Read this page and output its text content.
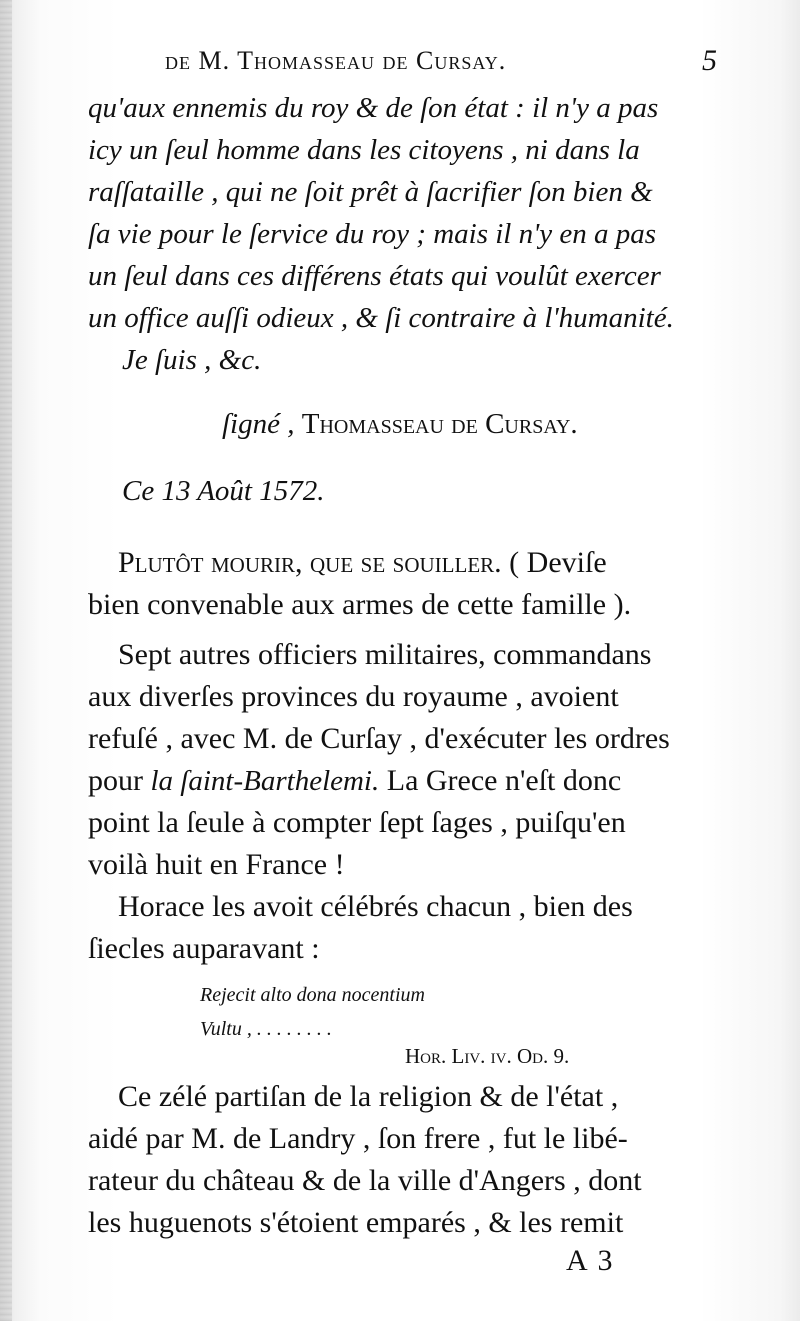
de M. Thomasseau de Cursay.	5
qu'aux ennemis du roy & de ſon état : il n'y a pas
icy un ſeul homme dans les citoyens , ni dans la
raſſataille , qui ne ſoit prêt à ſacrifier ſon bien &
ſa vie pour le ſervice du roy ; mais il n'y en a pas
un ſeul dans ces différens états qui voulût exercer
un office auſſi odieux , & ſi contraire à l'humanité.
Je ſuis , &c.
ſigné , Thomasseau de Cursay.
Ce 13 Août 1572.
Plutôt mourir, que se souiller. ( Deviſe
bien convenable aux armes de cette famille ).
Sept autres officiers militaires, commandans
aux diverſes provinces du royaume , avoient
refuſé , avec M. de Curſay , d'exécuter les ordres
pour la ſaint-Barthelemi. La Grece n'eſt donc
point la ſeule à compter ſept ſages , puiſqu'en
voilà huit en France !
Horace les avoit célébrés chacun , bien des
ſiecles auparavant :
Rejecit alto dona nocentium
Vultu , . . . . . . . .
Hor. Liv. iv. Od. 9.
Ce zélé partiſan de la religion & de l'état ,
aidé par M. de Landry , ſon frere , fut le libé-
rateur du château & de la ville d'Angers , dont
les huguenots s'étoient emparés , & les remit
A 3
